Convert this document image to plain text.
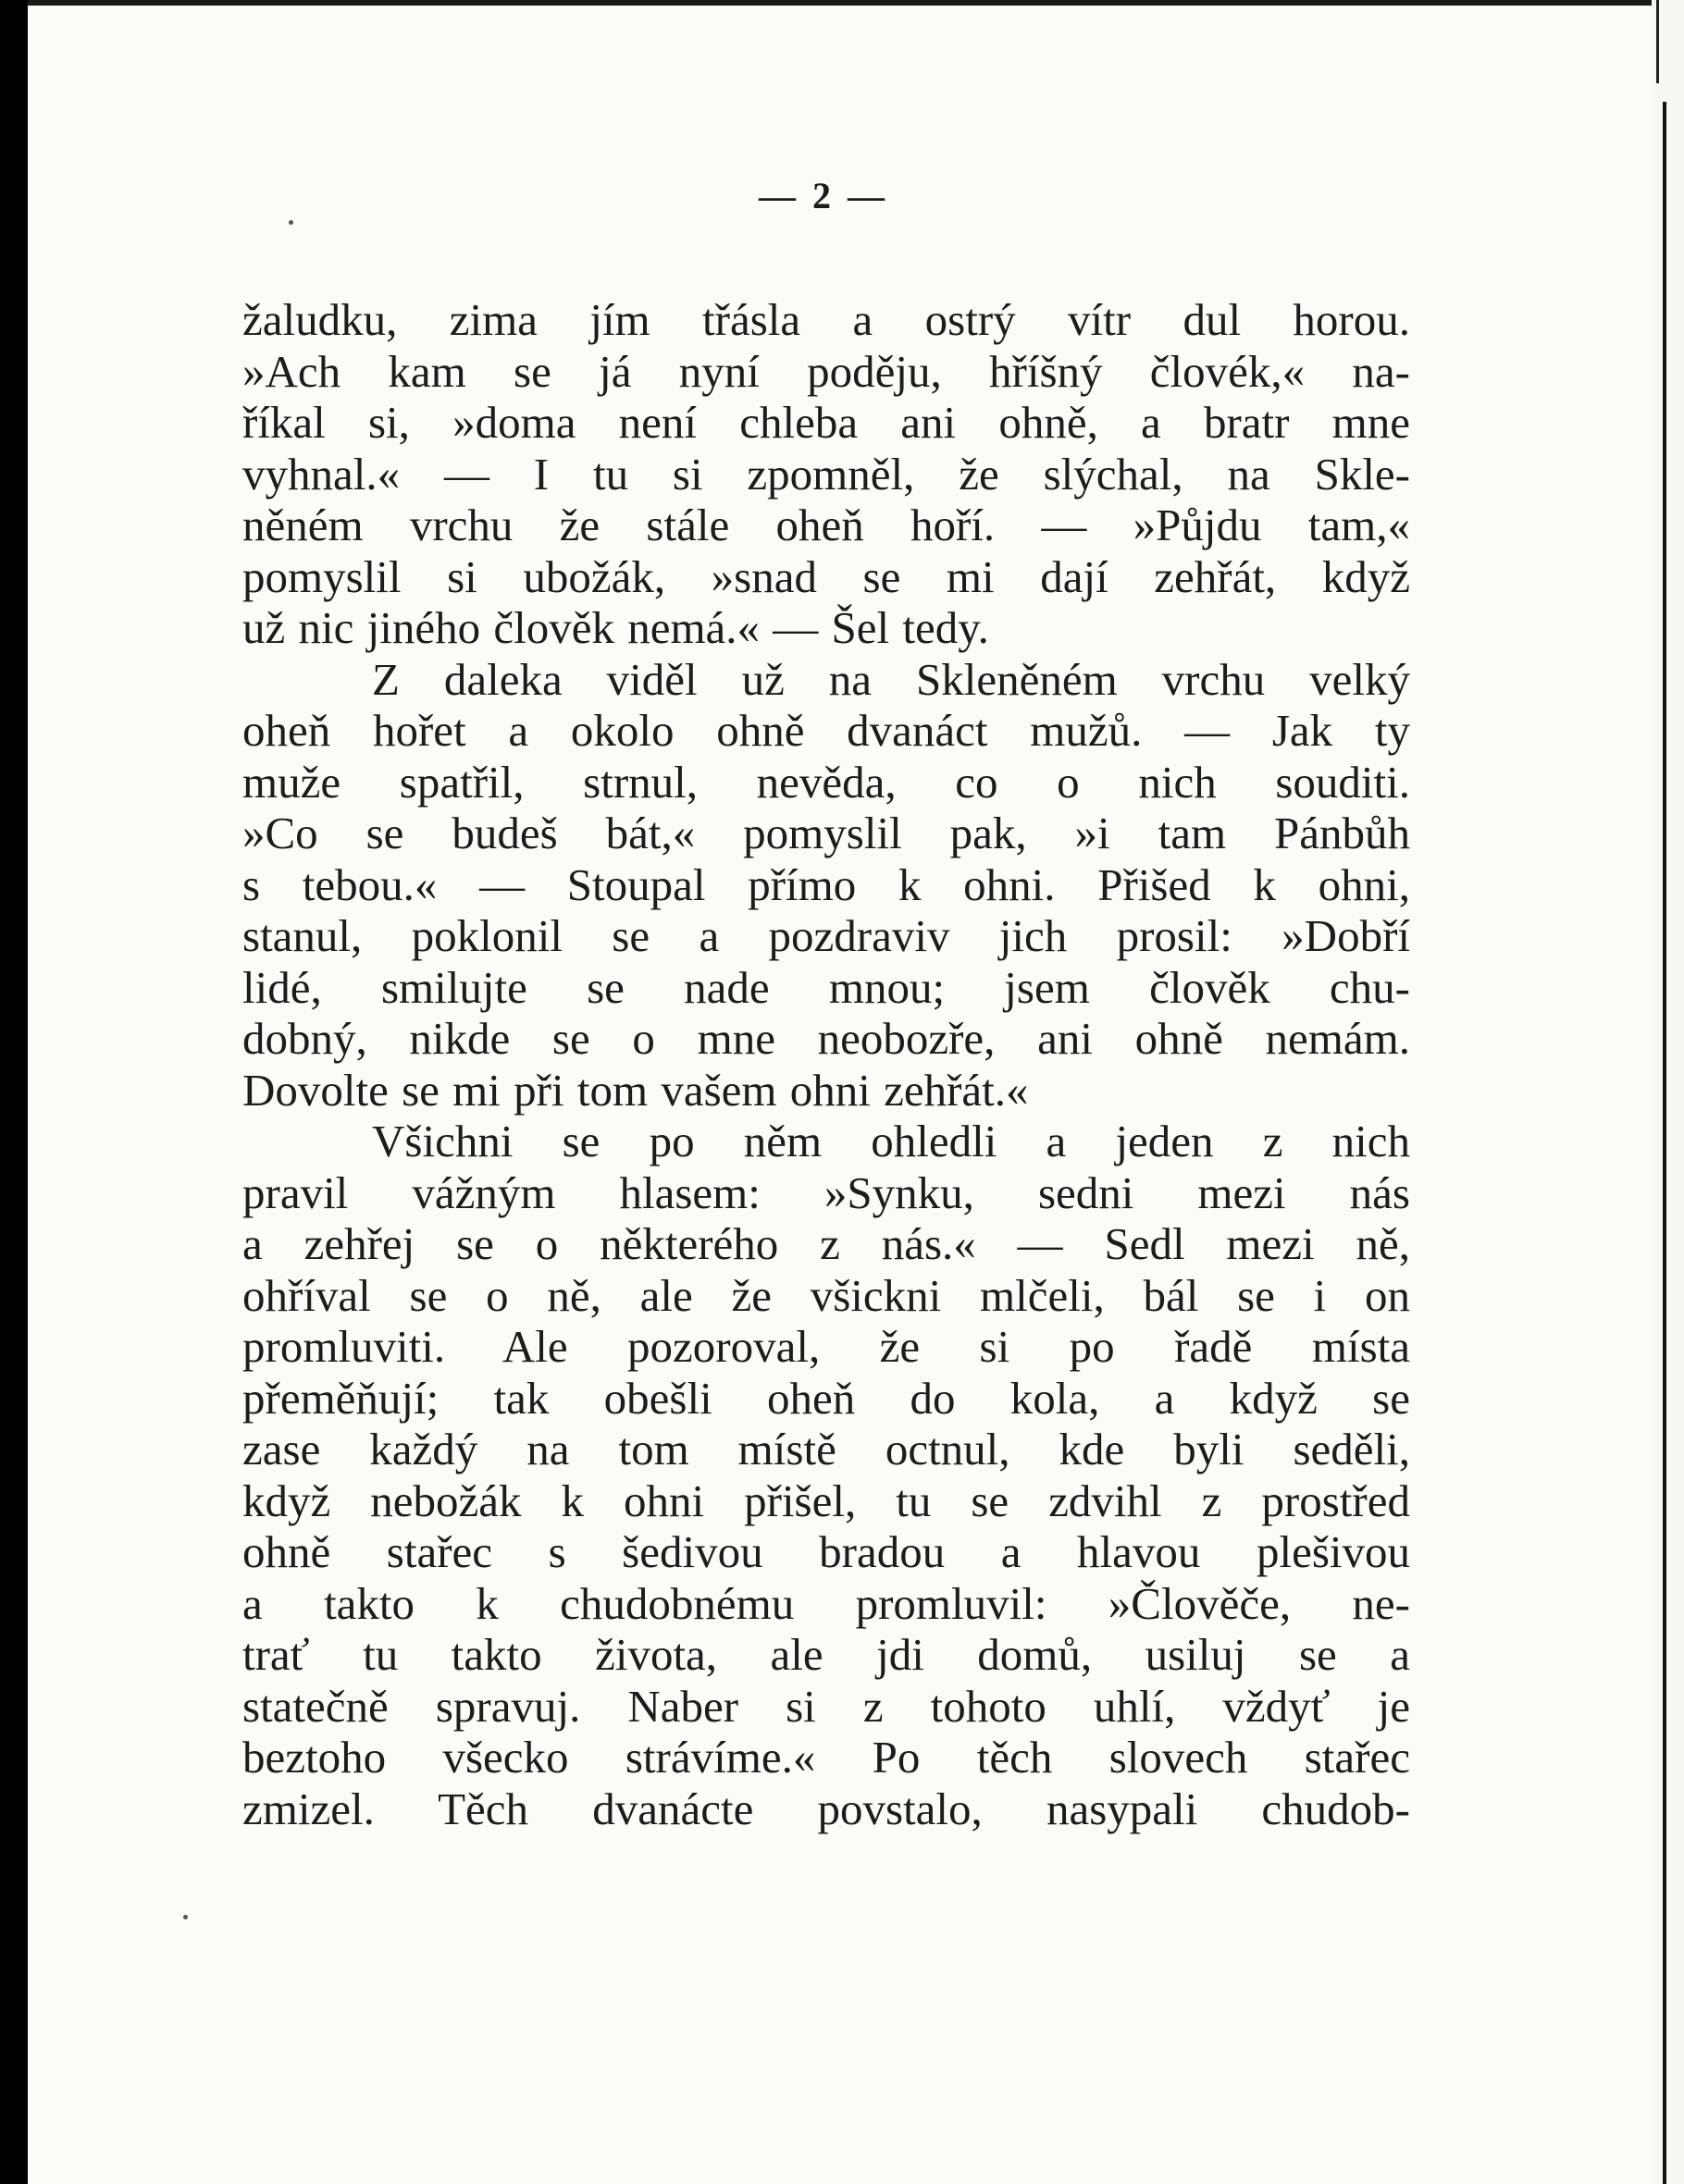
— 2 —
žaludku, zima jím třásla a ostrý vítr dul horou.
»Ach kam se já nyní poděju, hříšný človék,« na-
říkal si, »doma není chleba ani ohně, a bratr mne
vyhnal.« — I tu si zpomněl, že slýchal, na Skle-
něném vrchu že stále oheň hoří. — »Půjdu tam,«
pomyslil si ubožák, »snad se mi dají zehřát, když
už nic jiného člověk nemá.« — Šel tedy.
Z daleka viděl už na Skleněném vrchu velký
oheň hořet a okolo ohně dvanáct mužů. — Jak ty
muže spatřil, strnul, nevěda, co o nich souditi.
»Co se budeš bát,« pomyslil pak, »i tam Pánbůh
s tebou.« — Stoupal přímo k ohni. Přišed k ohni,
stanul, poklonil se a pozdraviv jich prosil: »Dobří
lidé, smilujte se nade mnou; jsem člověk chu-
dobný, nikde se o mne neobozře, ani ohně nemám.
Dovolte se mi při tom vašem ohni zehřát.«
Všichni se po něm ohledli a jeden z nich
pravil vážným hlasem: »Synku, sedni mezi nás
a zehřej se o některého z nás.« — Sedl mezi ně,
ohříval se o ně, ale že všickni mlčeli, bál se i on
promluviti. Ale pozoroval, že si po řadě místa
přeměňují; tak obešli oheň do kola, a když se
zase každý na tom místě octnul, kde byli seděli,
když nebožák k ohni přišel, tu se zdvihl z prostřed
ohně stařec s šedivou bradou a hlavou plešivou
a takto k chudobnému promluvil: »Člověče, ne-
trať tu takto života, ale jdi domů, usiluj se a
statečně spravuj. Naber si z tohoto uhlí, vždyť je
beztoho všecko strávíme.« Po těch slovech stařec
zmizel. Těch dvanácte povstalo, nasypali chudob-
